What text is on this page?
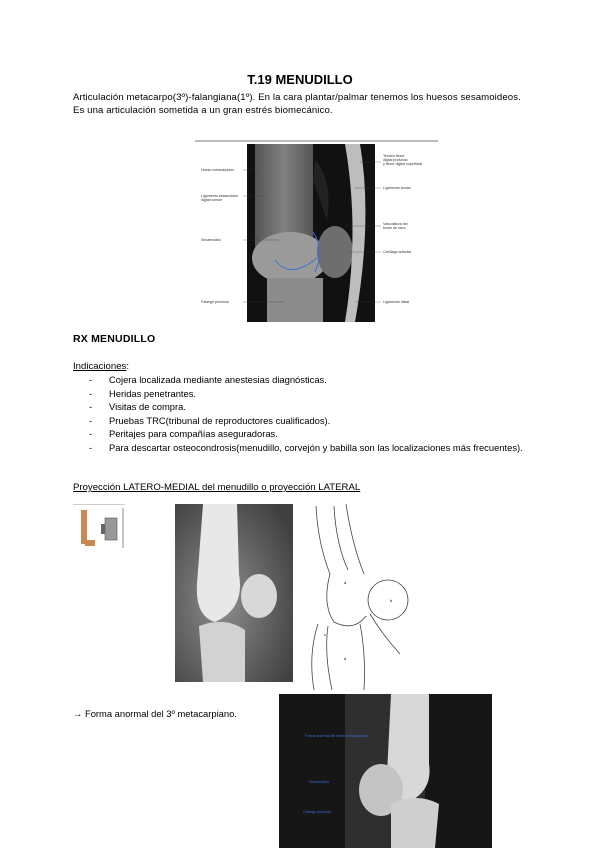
T.19 MENUDILLO

Articulación metacarpo(3º)-falangiana(1º). En la cara plantar/palmar tenemos los huesos sesamoideos.

Es una articulación sometida a un gran estrés biomecánico.

Hueso metacarpiano
Ligamento sesamoideo
digital común
Sesamoideo
Falange proximal
Tendón flexor
digital profundo
y flexor digital superficial
Ligamento anular
Vasculatura del
fondo de saco
Cartílago articular
Ligamento distal
RX MENUDILLO
Indicaciones:
- Cojera localizada mediante anestesias diagnósticas.
- Heridas penetrantes.
- Visitas de compra.
- Pruebas TRC(tribunal de reproductores cualificados).
- Peritajes para compañías aseguradoras.
- Para descartar osteocondrosis(menudillo, corvejón y babilla son las localizaciones más frecuentes).
Proyección LATERO-MEDIAL del menudillo o proyección LATERAL
a
b
c
d
→ Forma anormal del 3º metacarpiano.
Forma anormal del tercer metacarpiano
Sesamoideo
Falange proximal
